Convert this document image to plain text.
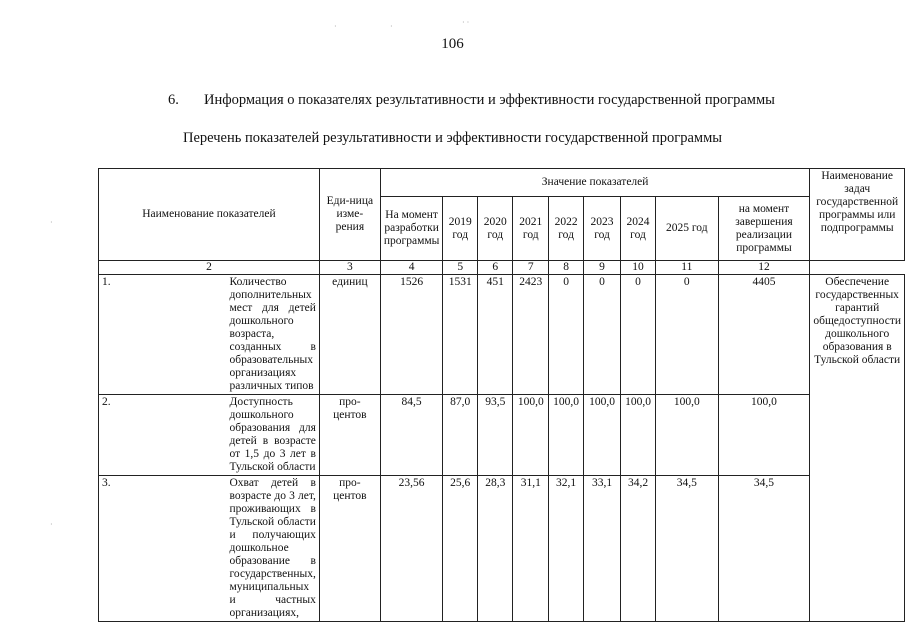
106
6. Информация о показателях результативности и эффективности государственной программы
Перечень показателей результативности и эффективности государственной программы
·	·	· ·
·
·
Наименование показателей		Еди-ница изме-рения	Значение показателей									Наименование задач государственной программы или подпрограммы
			На момент разработки программы	2019 год	2020 год	2021 год	2022 год	2023 год	2024 год	2025 год	на момент завершения реализации программы	
2		3	4	5	6	7	8	9	10	11	12	
1.	Количество дополнительных мест для детей дошкольного возраста, созданных в образовательных организациях различных типов	единиц	1526	1531	451	2423	0	0	0	0	4405	Обеспечение государственных гарантий общедоступности дошкольного образования в Тульской области
2.	Доступность дошкольного образования для детей в возрасте от 1,5 до 3 лет в Тульской области	про-центов	84,5	87,0	93,5	100,0	100,0	100,0	100,0	100,0	100,0	
3.	Охват детей в возрасте до 3 лет, проживающих в Тульской области и получающих дошкольное образование в государственных, муниципальных и частных организациях,	про-центов	23,56	25,6	28,3	31,1	32,1	33,1	34,2	34,5	34,5	
